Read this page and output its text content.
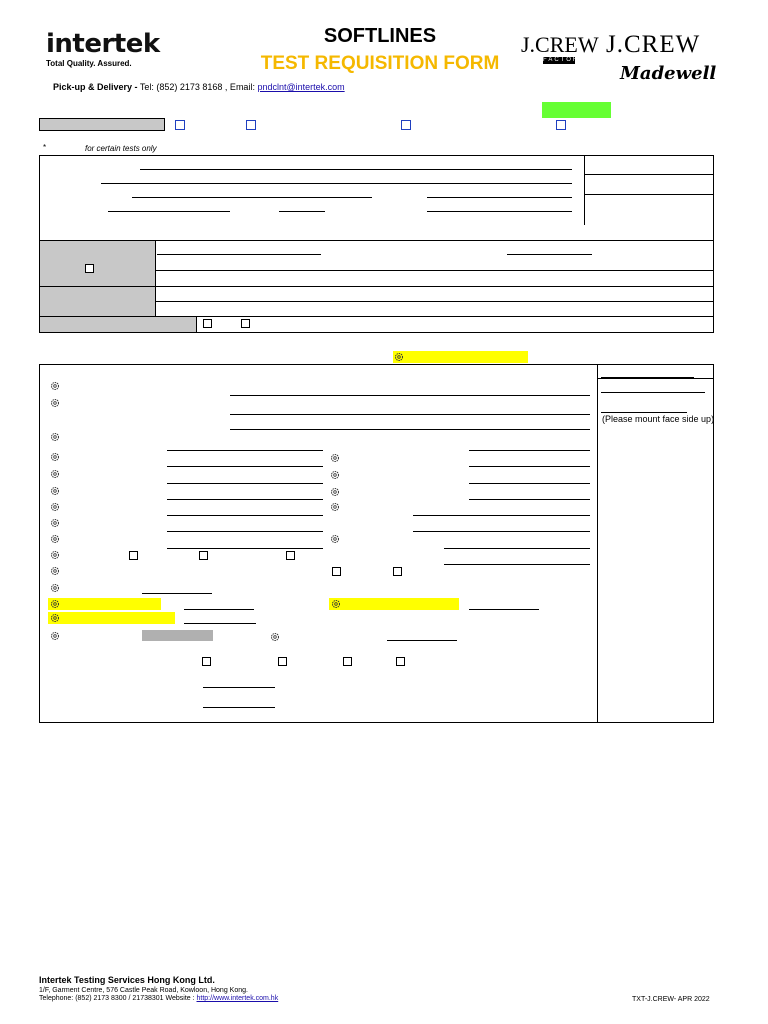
intertek
Total Quality. Assured.
SOFTLINES
TEST REQUISITION FORM
J.CREW
FACTORY
J.CREW
Madewell
Pick-up & Delivery - Tel: (852) 2173 8168 , Email: pndclnt@intertek.com
*	for certain tests only
(Please mount face side up)
Intertek Testing Services Hong Kong Ltd.
1/F, Garment Centre, 576 Castle Peak Road, Kowloon, Hong Kong.
Telephone: (852) 2173 8300 / 21738301 Website : http://www.intertek.com.hk	TXT-J.CREW- APR 2022
